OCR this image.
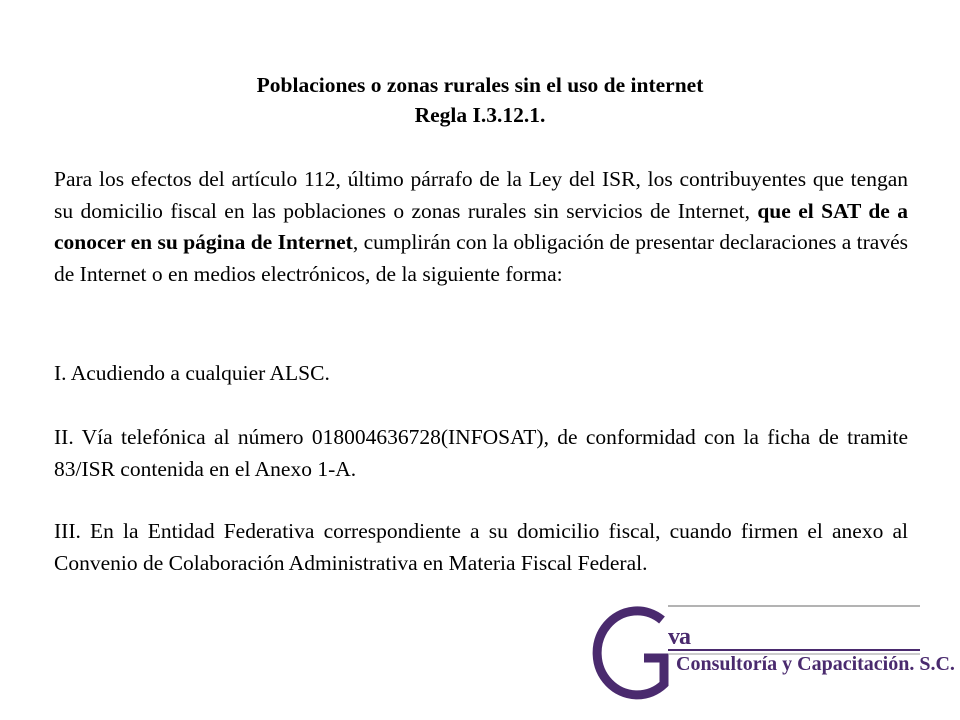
Poblaciones o zonas rurales sin el uso de internet
Regla I.3.12.1.

Para los efectos del artículo 112, último párrafo de la Ley del ISR, los contribuyentes que tengan su domicilio fiscal en las poblaciones o zonas rurales sin servicios de Internet, que el SAT de a conocer en su página de Internet, cumplirán con la obligación de presentar declaraciones a través de Internet o en medios electrónicos, de la siguiente forma:

I. Acudiendo a cualquier ALSC.

II. Vía telefónica al número 018004636728(INFOSAT), de conformidad con la ficha de tramite 83/ISR contenida en el Anexo 1-A.

III. En la Entidad Federativa correspondiente a su domicilio fiscal, cuando firmen el anexo al Convenio de Colaboración Administrativa en Materia Fiscal Federal.

va
Consultoría y Capacitación. S.C.
